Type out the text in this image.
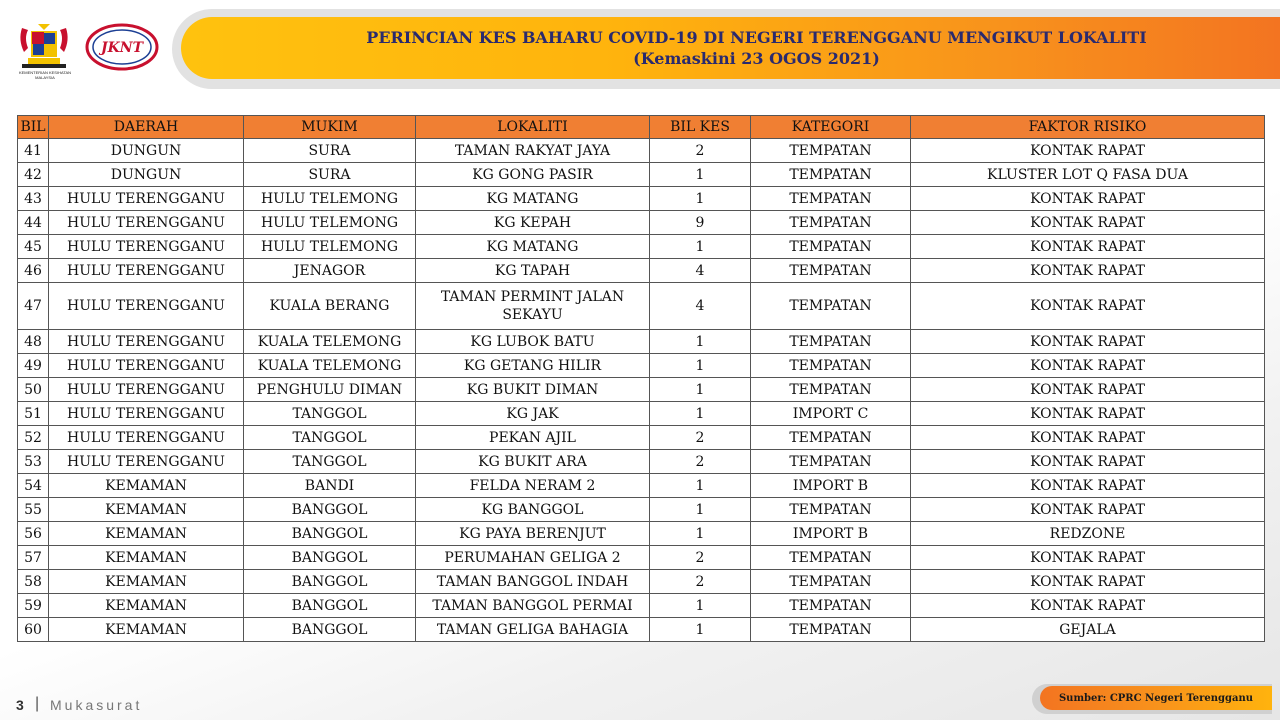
KEMENTERIAN KESIHATAN MALAYSIA
JKNT
PERINCIAN KES BAHARU COVID-19 DI NEGERI TERENGGANU MENGIKUT LOKALITI
(Kemaskini 23 OGOS 2021)
BIL	DAERAH	MUKIM	LOKALITI	BIL KES	KATEGORI	FAKTOR RISIKO
41	DUNGUN	SURA	TAMAN RAKYAT JAYA	2	TEMPATAN	KONTAK RAPAT
42	DUNGUN	SURA	KG GONG PASIR	1	TEMPATAN	KLUSTER LOT Q FASA DUA
43	HULU TERENGGANU	HULU TELEMONG	KG MATANG	1	TEMPATAN	KONTAK RAPAT
44	HULU TERENGGANU	HULU TELEMONG	KG KEPAH	9	TEMPATAN	KONTAK RAPAT
45	HULU TERENGGANU	HULU TELEMONG	KG MATANG	1	TEMPATAN	KONTAK RAPAT
46	HULU TERENGGANU	JENAGOR	KG TAPAH	4	TEMPATAN	KONTAK RAPAT
47	HULU TERENGGANU	KUALA BERANG	TAMAN PERMINT JALAN SEKAYU	4	TEMPATAN	KONTAK RAPAT
48	HULU TERENGGANU	KUALA TELEMONG	KG LUBOK BATU	1	TEMPATAN	KONTAK RAPAT
49	HULU TERENGGANU	KUALA TELEMONG	KG GETANG HILIR	1	TEMPATAN	KONTAK RAPAT
50	HULU TERENGGANU	PENGHULU DIMAN	KG BUKIT DIMAN	1	TEMPATAN	KONTAK RAPAT
51	HULU TERENGGANU	TANGGOL	KG JAK	1	IMPORT C	KONTAK RAPAT
52	HULU TERENGGANU	TANGGOL	PEKAN AJIL	2	TEMPATAN	KONTAK RAPAT
53	HULU TERENGGANU	TANGGOL	KG BUKIT ARA	2	TEMPATAN	KONTAK RAPAT
54	KEMAMAN	BANDI	FELDA NERAM 2	1	IMPORT B	KONTAK RAPAT
55	KEMAMAN	BANGGOL	KG BANGGOL	1	TEMPATAN	KONTAK RAPAT
56	KEMAMAN	BANGGOL	KG PAYA BERENJUT	1	IMPORT B	REDZONE
57	KEMAMAN	BANGGOL	PERUMAHAN GELIGA 2	2	TEMPATAN	KONTAK RAPAT
58	KEMAMAN	BANGGOL	TAMAN BANGGOL INDAH	2	TEMPATAN	KONTAK RAPAT
59	KEMAMAN	BANGGOL	TAMAN BANGGOL PERMAI	1	TEMPATAN	KONTAK RAPAT
60	KEMAMAN	BANGGOL	TAMAN GELIGA BAHAGIA	1	TEMPATAN	GEJALA
3 | Mukasurat	Sumber: CPRC Negeri Terengganu
